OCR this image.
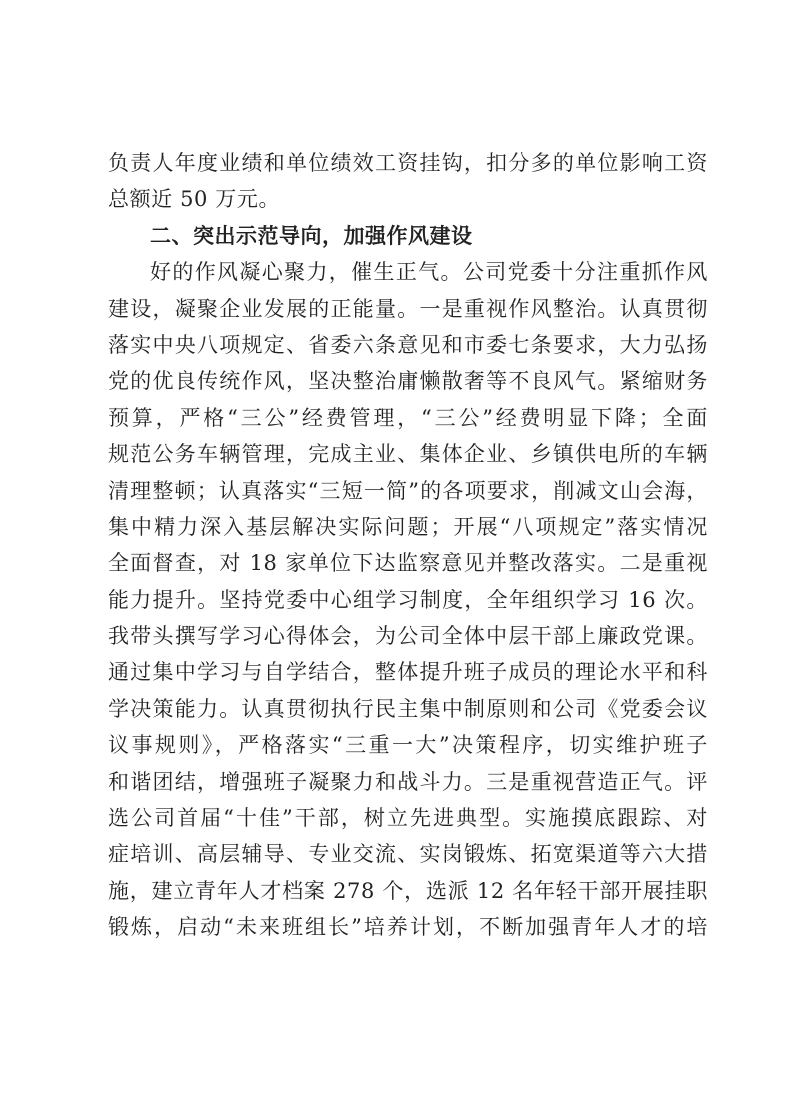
负责人年度业绩和单位绩效工资挂钩，扣分多的单位影响工资
总额近 50 万元。
二、突出示范导向，加强作风建设
好的作风凝心聚力，催生正气。公司党委十分注重抓作风
建设，凝聚企业发展的正能量。一是重视作风整治。认真贯彻
落实中央八项规定、省委六条意见和市委七条要求，大力弘扬
党的优良传统作风，坚决整治庸懒散奢等不良风气。紧缩财务
预算，严格“三公”经费管理，“三公”经费明显下降；全面
规范公务车辆管理，完成主业、集体企业、乡镇供电所的车辆
清理整顿；认真落实“三短一简”的各项要求，削减文山会海，
集中精力深入基层解决实际问题；开展“八项规定”落实情况
全面督查，对 18 家单位下达监察意见并整改落实。二是重视
能力提升。坚持党委中心组学习制度，全年组织学习 16 次。
我带头撰写学习心得体会，为公司全体中层干部上廉政党课。
通过集中学习与自学结合，整体提升班子成员的理论水平和科
学决策能力。认真贯彻执行民主集中制原则和公司《党委会议
议事规则》，严格落实“三重一大”决策程序，切实维护班子
和谐团结，增强班子凝聚力和战斗力。三是重视营造正气。评
选公司首届“十佳”干部，树立先进典型。实施摸底跟踪、对
症培训、高层辅导、专业交流、实岗锻炼、拓宽渠道等六大措
施，建立青年人才档案 278 个，选派 12 名年轻干部开展挂职
锻炼，启动“未来班组长”培养计划，不断加强青年人才的培
